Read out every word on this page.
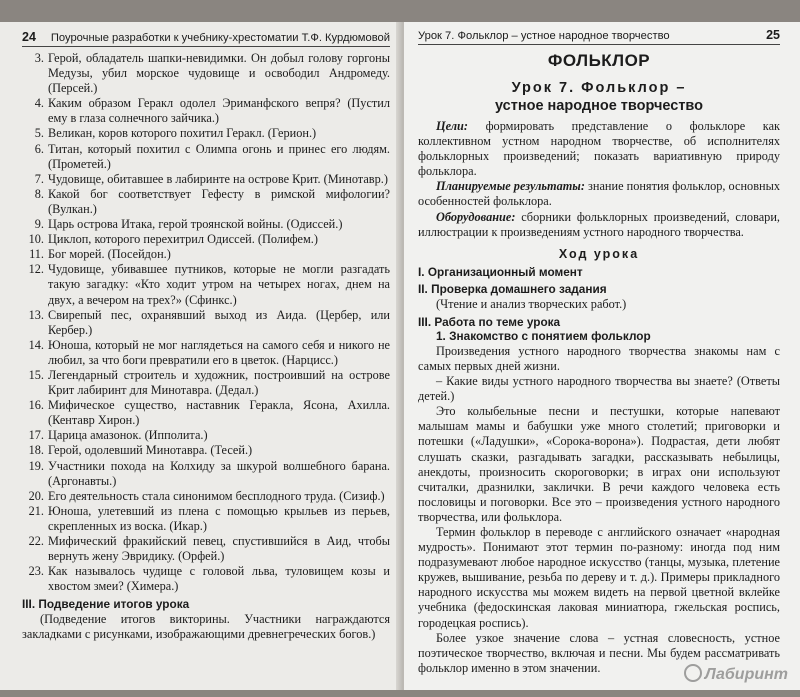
24 Поурочные разработки к учебнику-хрестоматии Т.Ф. Курдюмовой
3. Герой, обладатель шапки-невидимки. Он добыл голову горгоны Медузы, убил морское чудовище и освободил Андромеду. (Персей.)
4. Каким образом Геракл одолел Эриманфского вепря? (Пустил ему в глаза солнечного зайчика.)
5. Великан, коров которого похитил Геракл. (Герион.)
6. Титан, который похитил с Олимпа огонь и принес его людям. (Прометей.)
7. Чудовище, обитавшее в лабиринте на острове Крит. (Минотавр.)
8. Какой бог соответствует Гефесту в римской мифологии? (Вулкан.)
9. Царь острова Итака, герой троянской войны. (Одиссей.)
10. Циклоп, которого перехитрил Одиссей. (Полифем.)
11. Бог морей. (Посейдон.)
12. Чудовище, убивавшее путников, которые не могли разгадать такую загадку: «Кто ходит утром на четырех ногах, днем на двух, а вечером на трех?» (Сфинкс.)
13. Свирепый пес, охранявший выход из Аида. (Цербер, или Кербер.)
14. Юноша, который не мог наглядеться на самого себя и никого не любил, за что боги превратили его в цветок. (Нарцисс.)
15. Легендарный строитель и художник, построивший на острове Крит лабиринт для Минотавра. (Дедал.)
16. Мифическое существо, наставник Геракла, Ясона, Ахилла. (Кентавр Хирон.)
17. Царица амазонок. (Ипполита.)
18. Герой, одолевший Минотавра. (Тесей.)
19. Участники похода на Колхиду за шкурой волшебного барана. (Аргонавты.)
20. Его деятельность стала синонимом бесплодного труда. (Сизиф.)
21. Юноша, улетевший из плена с помощью крыльев из перьев, скрепленных из воска. (Икар.)
22. Мифический фракийский певец, спустившийся в Аид, чтобы вернуть жену Эвридику. (Орфей.)
23. Как называлось чудище с головой льва, туловищем козы и хвостом змеи? (Химера.)
III. Подведение итогов урока

(Подведение итогов викторины. Участники награждаются закладками с рисунками, изображающими древнегреческих богов.)

Урок 7. Фольклор – устное народное творчество	25
ФОЛЬКЛОР
Урок 7. Фольклор –
устное народное творчество

Цели: формировать представление о фольклоре как коллективном устном народном творчестве, об исполнителях фольклорных произведений; показать вариативную природу фольклора.

Планируемые результаты: знание понятия фольклор, основных особенностей фольклора.

Оборудование: сборники фольклорных произведений, словари, иллюстрации к произведениям устного народного творчества.

Ход урока
I. Организационный момент
II. Проверка домашнего задания
(Чтение и анализ творческих работ.)
III. Работа по теме урока
1. Знакомство с понятием фольклор

Произведения устного народного творчества знакомы нам с самых первых дней жизни.

– Какие виды устного народного творчества вы знаете? (Ответы детей.)

Это колыбельные песни и пестушки, которые напевают малышам мамы и бабушки уже много столетий; приговорки и потешки («Ладушки», «Сорока-ворона»). Подрастая, дети любят слушать сказки, разгадывать загадки, рассказывать небылицы, анекдоты, произносить скороговорки; в играх они используют считалки, дразнилки, заклички. В речи каждого человека есть пословицы и поговорки. Все это – произведения устного народного творчества, или фольклора.

Термин фольклор в переводе с английского означает «народная мудрость». Понимают этот термин по-разному: иногда под ним подразумевают любое народное искусство (танцы, музыка, плетение кружев, вышивание, резьба по дереву и т. д.). Примеры прикладного народного искусства мы можем видеть на первой цветной вклейке учебника (федоскинская лаковая миниатюра, гжельская роспись, городецкая роспись).

Более узкое значение слова – устная словесность, устное поэтическое творчество, включая и песни. Мы будем рассматривать фольклор именно в этом значении.	Лабиринт
